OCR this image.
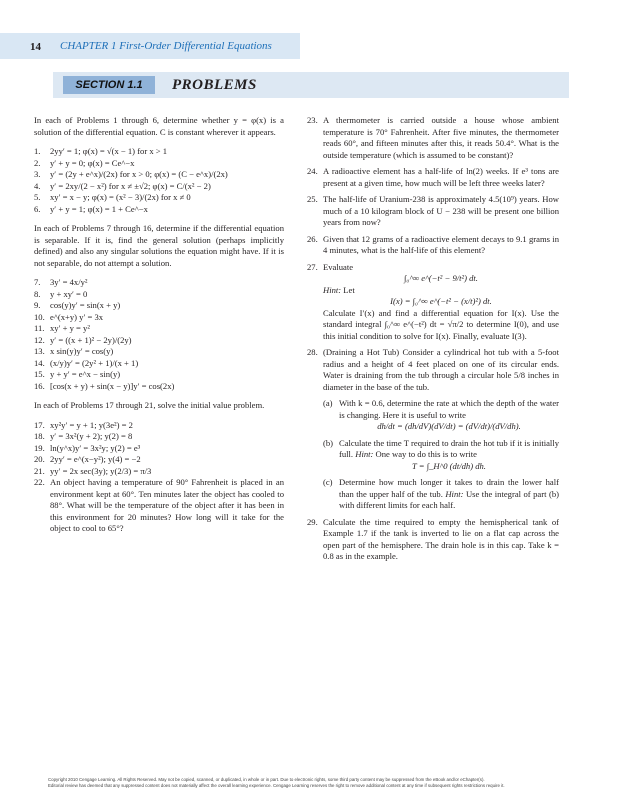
14 CHAPTER 1 First-Order Differential Equations
SECTION 1.1	PROBLEMS
In each of Problems 1 through 6, determine whether y = φ(x) is a solution of the differential equation. C is constant wherever it appears.
1. 2yy′ = 1; φ(x) = √(x − 1) for x > 1
2. y′ + y = 0; φ(x) = Ce^−x
3. y′ = (2y + e^x)/(2x) for x > 0; φ(x) = (C − e^x)/(2x)
4. y′ = 2xy/(2 − x²) for x ≠ ±√2; φ(x) = C/(x² − 2)
5. xy′ = x − y; φ(x) = (x² − 3)/(2x) for x ≠ 0
6. y′ + y = 1; φ(x) = 1 + Ce^−x
In each of Problems 7 through 16, determine if the differential equation is separable. If it is, find the general solution (perhaps implicitly defined) and also any singular solutions the equation might have. If it is not separable, do not attempt a solution.
7. 3y′ = 4x/y²
8. y + xy′ = 0
9. cos(y)y′ = sin(x + y)
10. e^(x+y) y′ = 3x
11. xy′ + y = y²
12. y′ = ((x + 1)² − 2y)/(2y)
13. x sin(y)y′ = cos(y)
14. (x/y)y′ = (2y² + 1)/(x + 1)
15. y + y′ = e^x − sin(y)
16. [cos(x + y) + sin(x − y)]y′ = cos(2x)
In each of Problems 17 through 21, solve the initial value problem.
17. xy²y′ = y + 1; y(3e²) = 2
18. y′ = 3x²(y + 2); y(2) = 8
19. ln(y^x)y′ = 3x²y; y(2) = e³
20. 2yy′ = e^(x−y²); y(4) = −2
21. yy′ = 2x sec(3y); y(2/3) = π/3
22. An object having a temperature of 90° Fahrenheit is placed in an environment kept at 60°. Ten minutes later the object has cooled to 88°. What will be the temperature of the object after it has been in this environment for 20 minutes? How long will it take for the object to cool to 65°?
23. A thermometer is carried outside a house whose ambient temperature is 70° Fahrenheit. After five minutes, the thermometer reads 60°, and fifteen minutes after this, it reads 50.4°. What is the outside temperature (which is assumed to be constant)?
24. A radioactive element has a half-life of ln(2) weeks. If e³ tons are present at a given time, how much will be left three weeks later?
25. The half-life of Uranium-238 is approximately 4.5(10⁹) years. How much of a 10 kilogram block of U − 238 will be present one billion years from now?
26. Given that 12 grams of a radioactive element decays to 9.1 grams in 4 minutes, what is the half-life of this element?
27. Evaluate
∫₀^∞ e^(−t² − 9/t²) dt.
Hint: Let
I(x) = ∫₀^∞ e^(−t² − (x/t)²) dt.
Calculate I′(x) and find a differential equation for I(x). Use the standard integral ∫₀^∞ e^(−t²) dt = √π/2 to determine I(0), and use this initial condition to solve for I(x). Finally, evaluate I(3).
28. (Draining a Hot Tub) Consider a cylindrical hot tub with a 5-foot radius and a height of 4 feet placed on one of its circular ends. Water is draining from the tub through a circular hole 5/8 inches in diameter in the base of the tub.
(a) With k = 0.6, determine the rate at which the depth of the water is changing. Here it is useful to write
dh/dt = (dh/dV)(dV/dt) = (dV/dt)/(dV/dh).
(b) Calculate the time T required to drain the hot tub if it is initially full. Hint: One way to do this is to write
T = ∫_H^0 (dt/dh) dh.
(c) Determine how much longer it takes to drain the lower half than the upper half of the tub. Hint: Use the integral of part (b) with different limits for each half.
29. Calculate the time required to empty the hemispherical tank of Example 1.7 if the tank is inverted to lie on a flat cap across the open part of the hemisphere. The drain hole is in this cap. Take k = 0.8 as in the example.
Copyright 2010 Cengage Learning. All Rights Reserved. May not be copied, scanned, or duplicated, in whole or in part. Due to electronic rights, some third party content may be suppressed from the eBook and/or eChapter(s).
Editorial review has deemed that any suppressed content does not materially affect the overall learning experience. Cengage Learning reserves the right to remove additional content at any time if subsequent rights restrictions require it.
